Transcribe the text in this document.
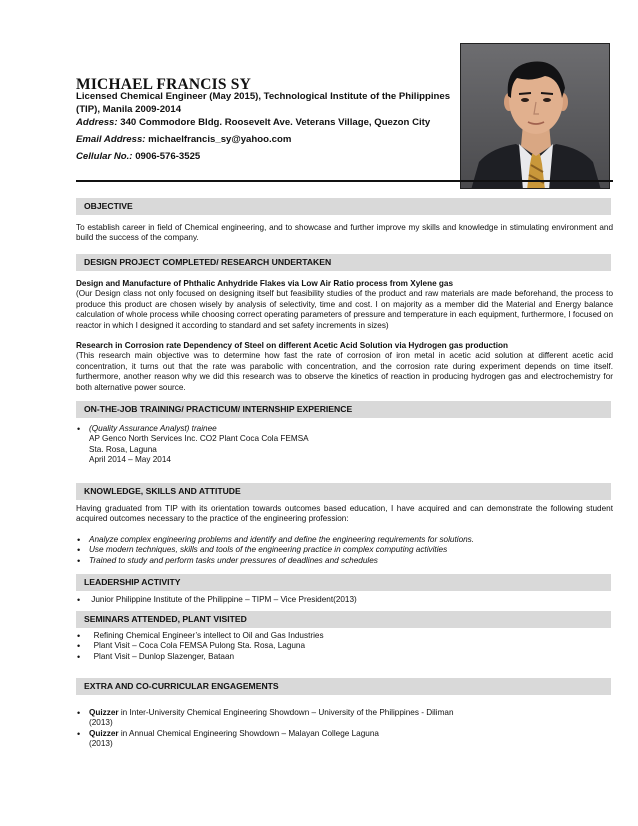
MICHAEL FRANCIS SY
Licensed Chemical Engineer (May 2015), Technological Institute of the Philippines (TIP), Manila 2009-2014
Address: 340 Commodore Bldg. Roosevelt Ave. Veterans Village, Quezon City
Email Address: michaelfrancis_sy@yahoo.com
Cellular No.: 0906-576-3525
OBJECTIVE
To establish career in field of Chemical engineering, and to showcase and further improve my skills and knowledge in stimulating environment and build the success of the company.
DESIGN PROJECT COMPLETED/ RESEARCH UNDERTAKEN
Design and Manufacture of Phthalic Anhydride Flakes via Low Air Ratio process from Xylene gas
(Our Design class not only focused on designing itself but feasibility studies of the product and raw materials are made beforehand, the process to produce this product are chosen wisely by analysis of selectivity, time and cost. I on majority as a member did the Material and Energy balance calculation of whole process while choosing correct operating parameters of pressure and temperature in each equipment, furthermore, I focused on reactor in which I designed it according to standard and set safety increments in sizes)
Research in Corrosion rate Dependency of Steel on different Acetic Acid Solution via Hydrogen gas production
(This research main objective was to determine how fast the rate of corrosion of iron metal in acetic acid solution at different acetic acid concentration, it turns out that the rate was parabolic with concentration, and the corrosion rate during experiment depends on time itself. furthermore, another reason why we did this research was to observe the kinetics of reaction in producing hydrogen gas and electrochemistry for both alternative power source.
ON-THE-JOB TRAINING/ PRACTICUM/ INTERNSHIP EXPERIENCE
• (Quality Assurance Analyst) trainee
AP Genco North Services Inc. CO2 Plant Coca Cola FEMSA
Sta. Rosa, Laguna
April 2014 – May 2014
KNOWLEDGE, SKILLS AND ATTITUDE
Having graduated from TIP with its orientation towards outcomes based education, I have acquired and can demonstrate the following student acquired outcomes necessary to the practice of the engineering profession:
• Analyze complex engineering problems and identify and define the engineering requirements for solutions.
• Use modern techniques, skills and tools of the engineering practice in complex computing activities
• Trained to study and perform tasks under pressures of deadlines and schedules
LEADERSHIP ACTIVITY
• Junior Philippine Institute of the Philippine – TIPM – Vice President(2013)
SEMINARS ATTENDED, PLANT VISITED
• Refining Chemical Engineer’s intellect to Oil and Gas Industries
• Plant Visit – Coca Cola FEMSA Pulong Sta. Rosa, Laguna
• Plant Visit – Dunlop Slazenger, Bataan
EXTRA AND CO-CURRICULAR ENGAGEMENTS
• Quizzer in Inter-University Chemical Engineering Showdown – University of the Philippines - Diliman
(2013)
• Quizzer in Annual Chemical Engineering Showdown – Malayan College Laguna
(2013)
